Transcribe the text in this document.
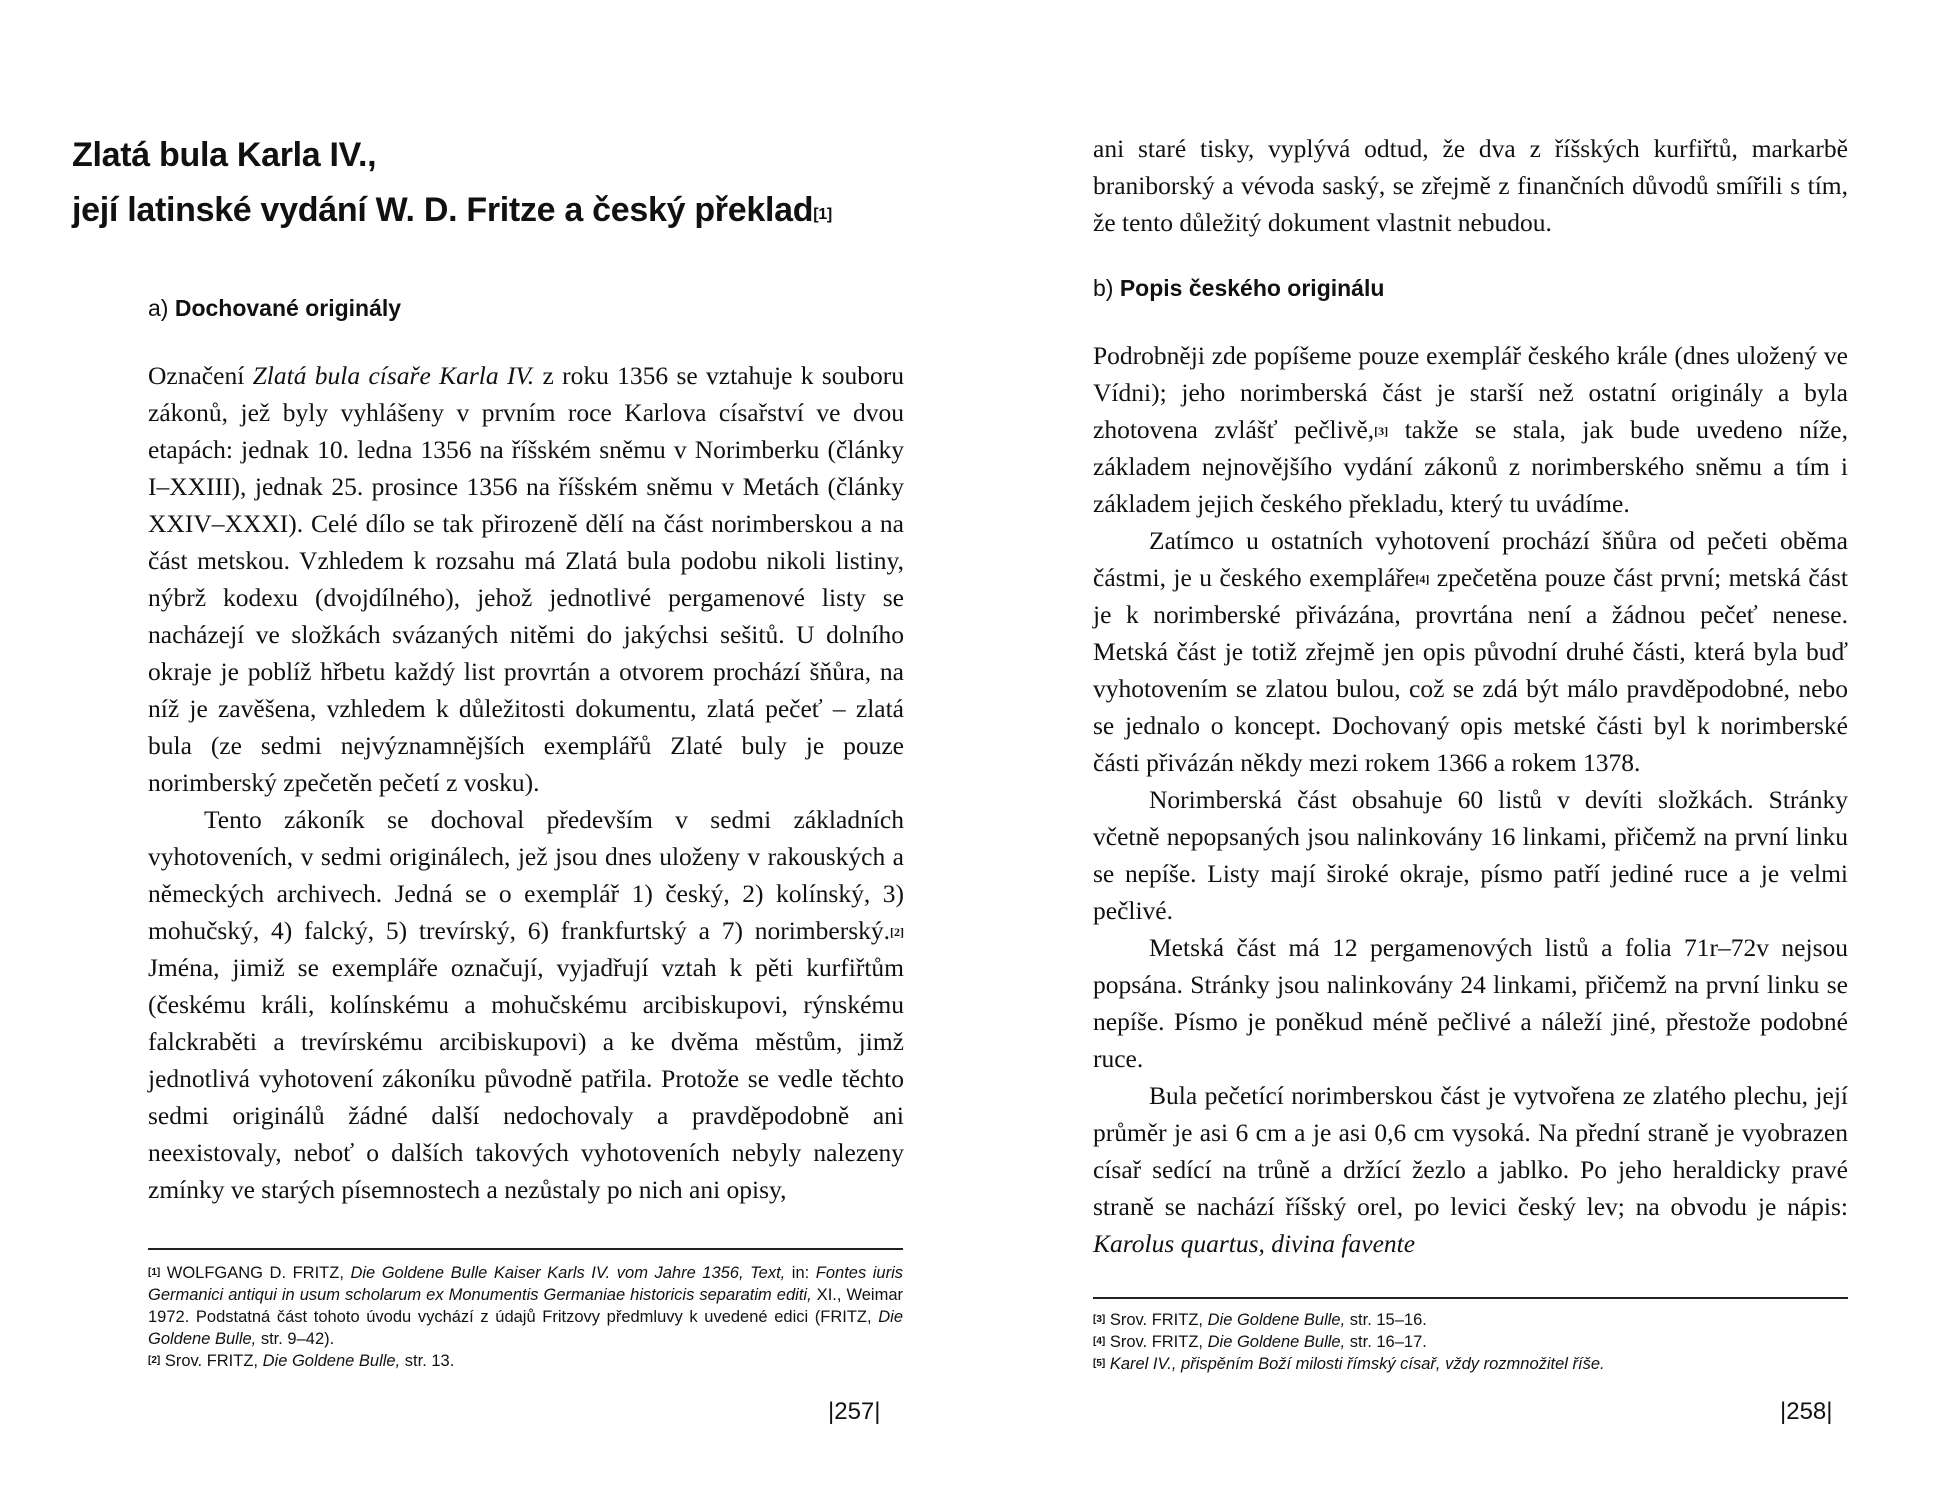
Zlatá bula Karla IV.,
její latinské vydání W. D. Fritze a český překlad[1]
a) Dochované originály

Označení Zlatá bula císaře Karla IV. z roku 1356 se vztahuje k souboru zákonů, jež byly vyhlášeny v prvním roce Karlova císařství ve dvou etapách: jednak 10. ledna 1356 na říšském sněmu v Norimberku (články I–XXIII), jednak 25. prosince 1356 na říšském sněmu v Metách (články XXIV–XXXI). Celé dílo se tak přirozeně dělí na část norimberskou a na část metskou. Vzhledem k rozsahu má Zlatá bula podobu nikoli listiny, nýbrž kodexu (dvojdílného), jehož jednotlivé pergamenové listy se nacházejí ve složkách svázaných nitěmi do jakýchsi sešitů. U dolního okraje je poblíž hřbetu každý list provrtán a otvorem prochází šňůra, na níž je zavěšena, vzhledem k důležitosti dokumentu, zlatá pečeť – zlatá bula (ze sedmi nejvýznamnějších exemplářů Zlaté buly je pouze norimberský zpečetěn pečetí z vosku).

Tento zákoník se dochoval především v sedmi základních vyhotoveních, v sedmi originálech, jež jsou dnes uloženy v rakouských a německých archivech. Jedná se o exemplář 1) český, 2) kolínský, 3) mohučský, 4) falcký, 5) trevírský, 6) frankfurtský a 7) norimberský.[2] Jména, jimiž se exempláře označují, vyjadřují vztah k pěti kurfiřtům (českému králi, kolínskému a mohučskému arcibiskupovi, rýnskému falckraběti a trevírskému arcibiskupovi) a ke dvěma městům, jimž jednotlivá vyhotovení zákoníku původně patřila. Protože se vedle těchto sedmi originálů žádné další nedochovaly a pravděpodobně ani neexistovaly, neboť o dalších takových vyhotoveních nebyly nalezeny zmínky ve starých písemnostech a nezůstaly po nich ani opisy,

[1] WOLFGANG D. FRITZ, Die Goldene Bulle Kaiser Karls IV. vom Jahre 1356, Text, in: Fontes iuris Germanici antiqui in usum scholarum ex Monumentis Germaniae historicis separatim editi, XI., Weimar 1972. Podstatná část tohoto úvodu vychází z údajů Fritzovy předmluvy k uvedené edici (FRITZ, Die Goldene Bulle, str. 9–42).

[2] Srov. FRITZ, Die Goldene Bulle, str. 13.

|257|

ani staré tisky, vyplývá odtud, že dva z říšských kurfiřtů, markarbě braniborský a vévoda saský, se zřejmě z finančních důvodů smířili s tím, že tento důležitý dokument vlastnit nebudou.

b) Popis českého originálu

Podrobněji zde popíšeme pouze exemplář českého krále (dnes uložený ve Vídni); jeho norimberská část je starší než ostatní originály a byla zhotovena zvlášť pečlivě,[3] takže se stala, jak bude uvedeno níže, základem nejnovějšího vydání zákonů z norimberského sněmu a tím i základem jejich českého překladu, který tu uvádíme.

Zatímco u ostatních vyhotovení prochází šňůra od pečeti oběma částmi, je u českého exempláře[4] zpečetěna pouze část první; metská část je k norimberské přivázána, provrtána není a žádnou pečeť nenese. Metská část je totiž zřejmě jen opis původní druhé části, která byla buď vyhotovením se zlatou bulou, což se zdá být málo pravděpodobné, nebo se jednalo o koncept. Dochovaný opis metské části byl k norimberské části přivázán někdy mezi rokem 1366 a rokem 1378.

Norimberská část obsahuje 60 listů v devíti složkách. Stránky včetně nepopsaných jsou nalinkovány 16 linkami, přičemž na první linku se nepíše. Listy mají široké okraje, písmo patří jediné ruce a je velmi pečlivé.

Metská část má 12 pergamenových listů a folia 71r–72v nejsou popsána. Stránky jsou nalinkovány 24 linkami, přičemž na první linku se nepíše. Písmo je poněkud méně pečlivé a náleží jiné, přestože podobné ruce.

Bula pečetící norimberskou část je vytvořena ze zlatého plechu, její průměr je asi 6 cm a je asi 0,6 cm vysoká. Na přední straně je vyobrazen císař sedící na trůně a držící žezlo a jablko. Po jeho heraldicky pravé straně se nachází říšský orel, po levici český lev; na obvodu je nápis: Karolus quartus, divina favente

[3] Srov. FRITZ, Die Goldene Bulle, str. 15–16.

[4] Srov. FRITZ, Die Goldene Bulle, str. 16–17.

[5] Karel IV., přispěním Boží milosti římský císař, vždy rozmnožitel říše.

|258|
